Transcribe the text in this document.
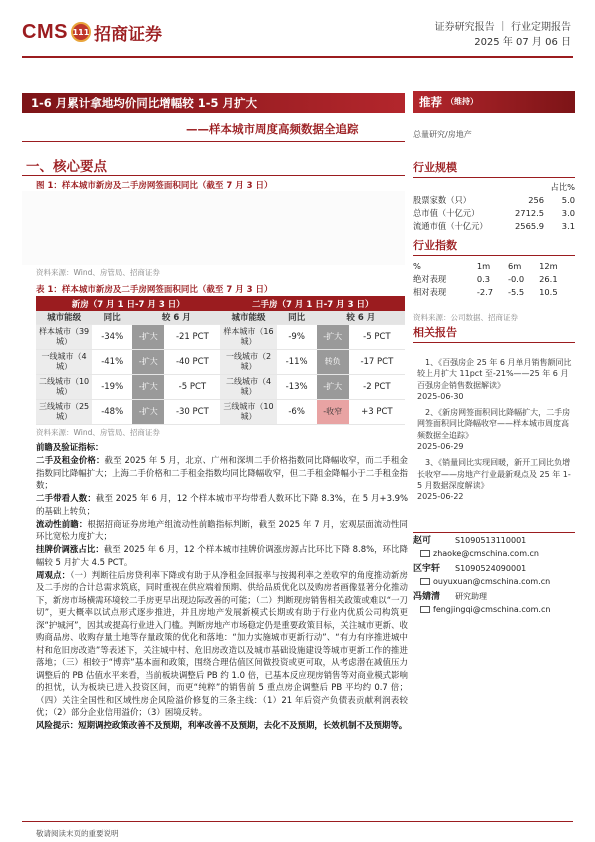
CMS 111 招商证券	证券研究报告 ｜ 行业定期报告
2025 年 07 月 06 日
1-6 月累计拿地均价同比增幅较 1-5 月扩大
——样本城市周度高频数据全追踪
一、核心要点
图 1：样本城市新房及二手房网签面积同比（截至 7 月 3 日）
资料来源：Wind、房管局、招商证券
表 1：样本城市新房及二手房网签面积同比（截至 7 月 3 日）
新房（7 月 1 日-7 月 3 日）				二手房（7 月 1 日-7 月 3 日）			
城市能级	同比	较 6 月		城市能级	同比	较 6 月	
样本城市（39 城）	-34%	-扩大	-21 PCT	样本城市（16 城）	-9%	-扩大	-5 PCT
一线城市（4 城）	-41%	-扩大	-40 PCT	一线城市（2 城）	-11%	转负	-17 PCT
二线城市（10 城）	-19%	-扩大	-5 PCT	二线城市（4 城）	-13%	-扩大	-2 PCT
三线城市（25 城）	-48%	-扩大	-30 PCT	三线城市（10 城）	-6%	-收窄	+3 PCT
资料来源：Wind、房管局、招商证券

前瞻及验证指标：

二手及租金价格：截至 2025 年 5 月，北京、广州和深圳二手价格指数同比降幅收窄，而二手租金指数同比降幅扩大；上海二手价格和二手租金指数均同比降幅收窄，但二手租金降幅小于二手租金指数；

二手带看人数：截至 2025 年 6 月，12 个样本城市平均带看人数环比下降 8.3%，在 5 月+3.9%的基础上转负；

流动性前瞻：根据招商证券房地产组流动性前瞻指标判断，截至 2025 年 7 月，宏观层面流动性同环比宽松力度扩大；

挂牌价调涨占比：截至 2025 年 6 月，12 个样本城市挂牌价调涨房源占比环比下降 8.8%，环比降幅较 5 月扩大 4.5 PCT。

周观点：（一）判断往后房贷利率下降或有助于从净租金回报率与按揭利率之差收窄的角度推动新房及二手房的合计总需求筑底，同时重视在供应端着预期、供给品质优化以及购房者画像显著分化推动下，新房市场横需环境较二手房更早出现边际改善的可能；（二）判断现房销售相关政策或难以“一刀切”，更大概率以试点形式逐步推进，并且房地产发展新模式长期或有助于行业内优质公司构筑更深“护城河”，因其或提高行业进入门槛。判断房地产市场稳定仍是重要政策目标，关注城市更新、收购商品房、收购存量土地等存量政策的优化和落地：“加力实施城市更新行动”、“有力有序推进城中村和危旧房改造”等表述下，关注城中村、危旧房改造以及城市基础设施建设等城市更新工作的推进落地；（三）相较于“博弈”基本面和政策，围绕合理估值区间做投资或更可取，从考虑潜在减值压力调整后的 PB 估值水平来看，当前板块调整后 PB 约 1.0 倍，已基本反应现房销售等对商业模式影响的担忧，认为板块已进入投资区间，而更“纯粹”的销售前 5 重点房企调整后 PB 平均约 0.7 倍；（四）关注全国性和区域性房企风险溢价修复的三条主线：（1）21 年后资产负债表贡献利润表较优；（2）部分企业信用溢价；（3）困境反转。

风险提示：短期调控政策改善不及预期，利率改善不及预期，去化不及预期，长效机制不及预期等。

敬请阅读末页的重要说明
推荐 （维持）
总量研究/房地产
行业规模
		占比%
股票家数（只）	256	5.0
总市值（十亿元）	2712.5	3.0
流通市值（十亿元）	2565.9	3.1
行业指数
%	1m	6m	12m
绝对表现	0.3	-0.0	26.1
相对表现	-2.7	-5.5	10.5
资料来源：公司数据、招商证券
相关报告
1、《百强房企 25 年 6 月单月销售额同比较上月扩大 11pct 至-21%——25 年 6 月百强房企销售数据解读》
2025-06-30
2、《新房网签面积同比降幅扩大，二手房网签面积同比降幅收窄——样本城市周度高频数据全追踪》
2025-06-29
3、《销量同比实现回暖，新开工同比负增长收窄——房地产行业最新观点及 25 年 1-5 月数据深度解读》
2025-06-22
赵可	S1090513110001
zhaoke@cmschina.com.cn
区宇轩 S1090524090001
ouyuxuan@cmschina.com.cn
冯婧清 研究助理
fengjingqi@cmschina.com.cn
